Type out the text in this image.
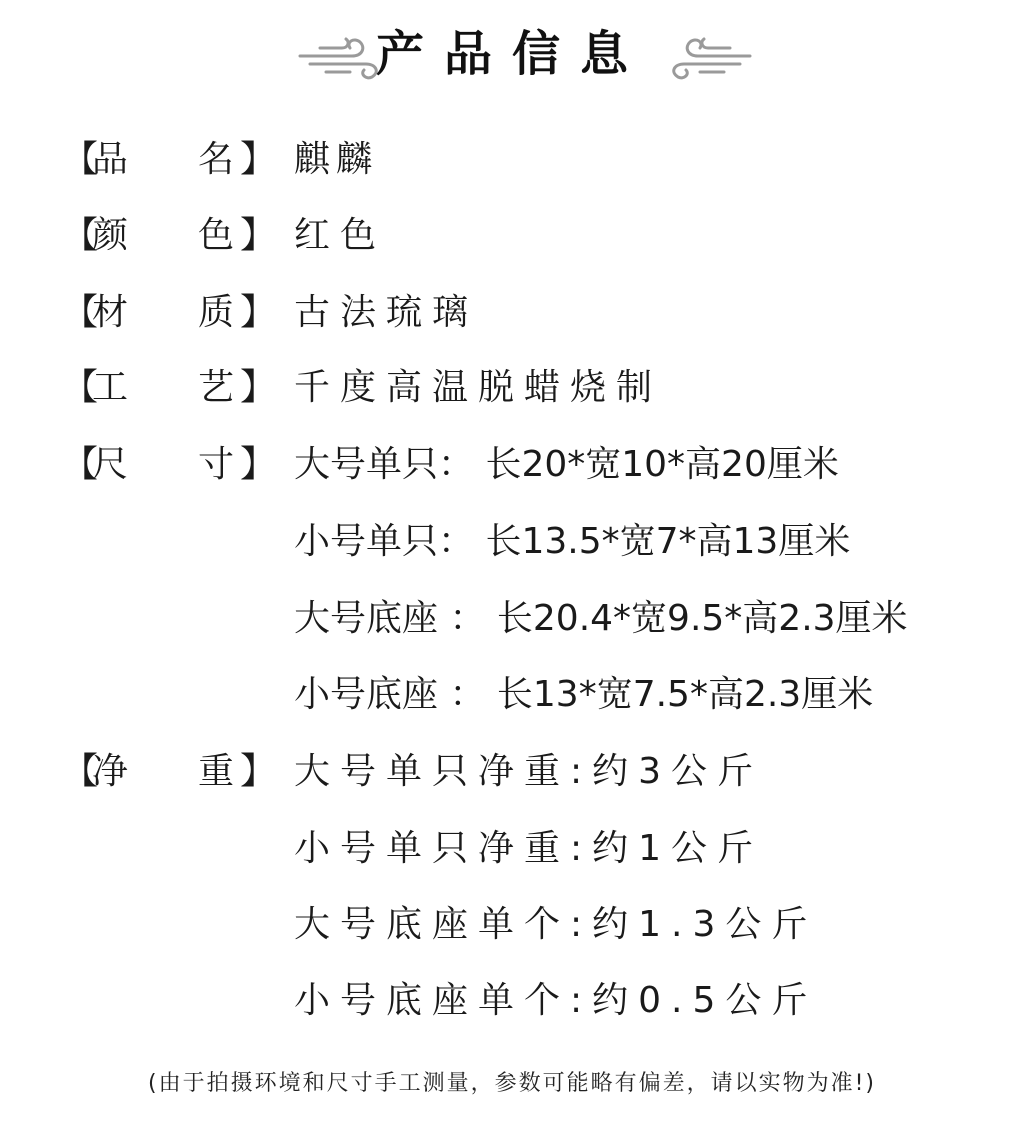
产品信息
【
品 名 】 麒麟
【
颜 色 】 红色
【
材 质 】 古法琉璃
【
工 艺 】 千度高温脱蜡烧制
【
尺 寸 】 大号单只： 长20*宽10*高20厘米
小号单只： 长13.5*宽7*高13厘米
大号底座 ： 长20.4*宽9.5*高2.3厘米
小号底座 ： 长13*宽7.5*高2.3厘米
【
净 重 】 大号单只净重:约3公斤
小号单只净重:约1公斤
大号底座单个:约1.3公斤
小号底座单个:约0.5公斤
(由于拍摄环境和尺寸手工测量，参数可能略有偏差，请以实物为准!)
